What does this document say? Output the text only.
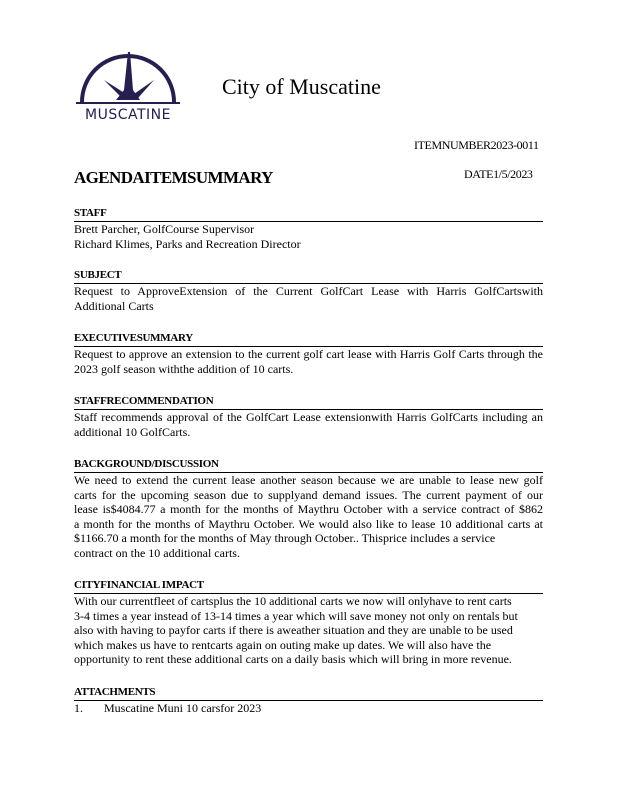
MUSCATINE
City of Muscatine
ITEMNUMBER2023-0011
DATE1/5/2023
AGENDAITEMSUMMARY
STAFF
Brett Parcher, GolfCourse Supervisor
Richard Klimes, Parks and Recreation Director
SUBJECT
Request to ApproveExtension of the Current GolfCart Lease with Harris GolfCartswith
Additional Carts
EXECUTIVESUMMARY
Request to approve an extension to the current golf cart lease with Harris Golf Carts through the
2023 golf season withthe addition of 10 carts.
STAFFRECOMMENDATION
Staff recommends approval of the GolfCart Lease extensionwith Harris GolfCarts including an
additional 10 GolfCarts.
BACKGROUND/DISCUSSION
We need to extend the current lease another season because we are unable to lease new golf
carts for the upcoming season due to supplyand demand issues. The current payment of our
lease is$4084.77 a month for the months of Maythru October with a service contract of $862
a month for the months of Maythru October. We would also like to lease 10 additional carts at
$1166.70 a month for the months of May through October.. Thisprice includes a service
contract on the 10 additional carts.
CITYFINANCIAL IMPACT
With our currentfleet of cartsplus the 10 additional carts we now will onlyhave to rent carts
3-4 times a year instead of 13-14 times a year which will save money not only on rentals but
also with having to payfor carts if there is aweather situation and they are unable to be used
which makes us have to rentcarts again on outing make up dates. We will also have the
opportunity to rent these additional carts on a daily basis which will bring in more revenue.
ATTACHMENTS
1.	Muscatine Muni 10 carsfor 2023
